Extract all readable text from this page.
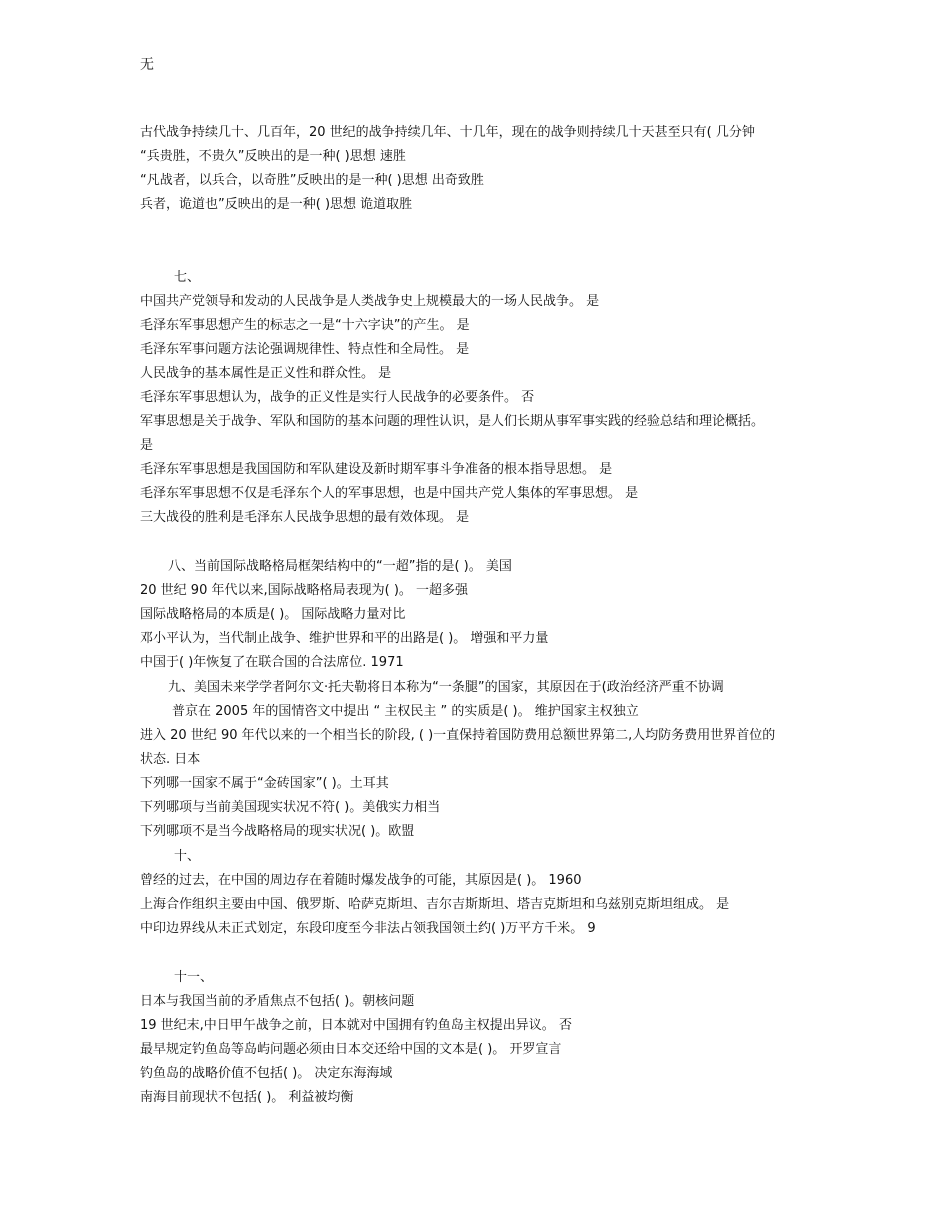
无
古代战争持续几十、几百年，20 世纪的战争持续几年、十几年，现在的战争则持续几十天甚至只有( 几分钟
“兵贵胜，不贵久”反映出的是一种( )思想 速胜
“凡战者，以兵合，以奇胜”反映出的是一种( )思想 出奇致胜
兵者，诡道也”反映出的是一种( )思想 诡道取胜
七、
中国共产党领导和发动的人民战争是人类战争史上规模最大的一场人民战争。 是
毛泽东军事思想产生的标志之一是“十六字诀”的产生。 是
毛泽东军事问题方法论强调规律性、特点性和全局性。 是
人民战争的基本属性是正义性和群众性。 是
毛泽东军事思想认为，战争的正义性是实行人民战争的必要条件。 否
军事思想是关于战争、军队和国防的基本问题的理性认识，是人们长期从事军事实践的经验总结和理论概括。
是
毛泽东军事思想是我国国防和军队建设及新时期军事斗争准备的根本指导思想。 是
毛泽东军事思想不仅是毛泽东个人的军事思想，也是中国共产党人集体的军事思想。 是
三大战役的胜利是毛泽东人民战争思想的最有效体现。 是
八、当前国际战略格局框架结构中的“一超”指的是( )。 美国
20 世纪 90 年代以来,国际战略格局表现为( )。 一超多强
国际战略格局的本质是( )。 国际战略力量对比
邓小平认为，当代制止战争、维护世界和平的出路是( )。 增强和平力量
中国于( )年恢复了在联合国的合法席位. 1971
九、美国未来学学者阿尔文·托夫勒将日本称为“一条腿”的国家，其原因在于(政治经济严重不协调
普京在 2005 年的国情咨文中提出 “ 主权民主 ” 的实质是( )。 维护国家主权独立
进入 20 世纪 90 年代以来的一个相当长的阶段, ( )一直保持着国防费用总额世界第二,人均防务费用世界首位的
状态. 日本
下列哪一国家不属于“金砖国家”( )。土耳其
下列哪项与当前美国现实状况不符( )。美俄实力相当
下列哪项不是当今战略格局的现实状况( )。欧盟
十、
曾经的过去，在中国的周边存在着随时爆发战争的可能，其原因是( )。 1960
上海合作组织主要由中国、俄罗斯、哈萨克斯坦、吉尔吉斯斯坦、塔吉克斯坦和乌兹别克斯坦组成。 是
中印边界线从未正式划定，东段印度至今非法占领我国领土约( )万平方千米。 9
十一、
日本与我国当前的矛盾焦点不包括( )。朝核问题
19 世纪末,中日甲午战争之前，日本就对中国拥有钓鱼岛主权提出异议。 否
最早规定钓鱼岛等岛屿问题必须由日本交还给中国的文本是( )。 开罗宣言
钓鱼岛的战略价值不包括( )。 决定东海海域
南海目前现状不包括( )。 利益被均衡
